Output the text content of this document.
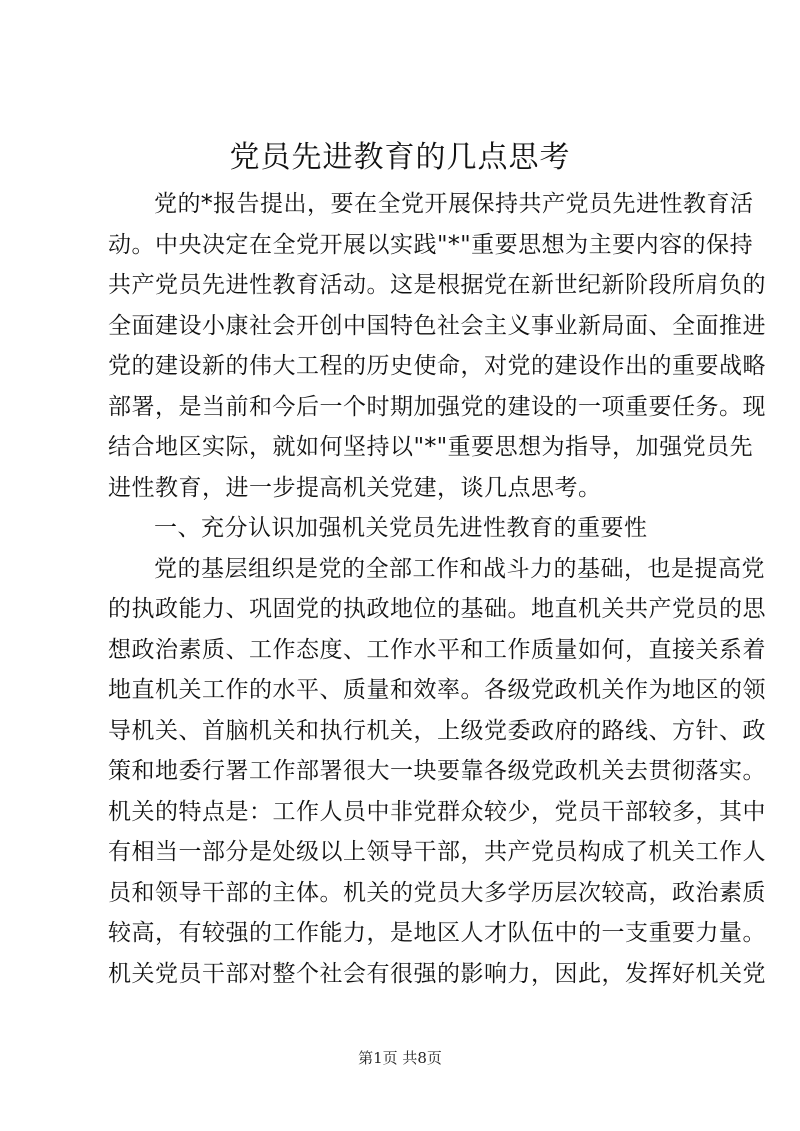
党员先进教育的几点思考
党的*报告提出，要在全党开展保持共产党员先进性教育活
动。中央决定在全党开展以实践"*"重要思想为主要内容的保持
共产党员先进性教育活动。这是根据党在新世纪新阶段所肩负的
全面建设小康社会开创中国特色社会主义事业新局面、全面推进
党的建设新的伟大工程的历史使命，对党的建设作出的重要战略
部署，是当前和今后一个时期加强党的建设的一项重要任务。现
结合地区实际，就如何坚持以"*"重要思想为指导，加强党员先
进性教育，进一步提高机关党建，谈几点思考。
一、充分认识加强机关党员先进性教育的重要性
党的基层组织是党的全部工作和战斗力的基础，也是提高党
的执政能力、巩固党的执政地位的基础。地直机关共产党员的思
想政治素质、工作态度、工作水平和工作质量如何，直接关系着
地直机关工作的水平、质量和效率。各级党政机关作为地区的领
导机关、首脑机关和执行机关，上级党委政府的路线、方针、政
策和地委行署工作部署很大一块要靠各级党政机关去贯彻落实。
机关的特点是：工作人员中非党群众较少，党员干部较多，其中
有相当一部分是处级以上领导干部，共产党员构成了机关工作人
员和领导干部的主体。机关的党员大多学历层次较高，政治素质
较高，有较强的工作能力，是地区人才队伍中的一支重要力量。
机关党员干部对整个社会有很强的影响力，因此，发挥好机关党
第1页 共8页
